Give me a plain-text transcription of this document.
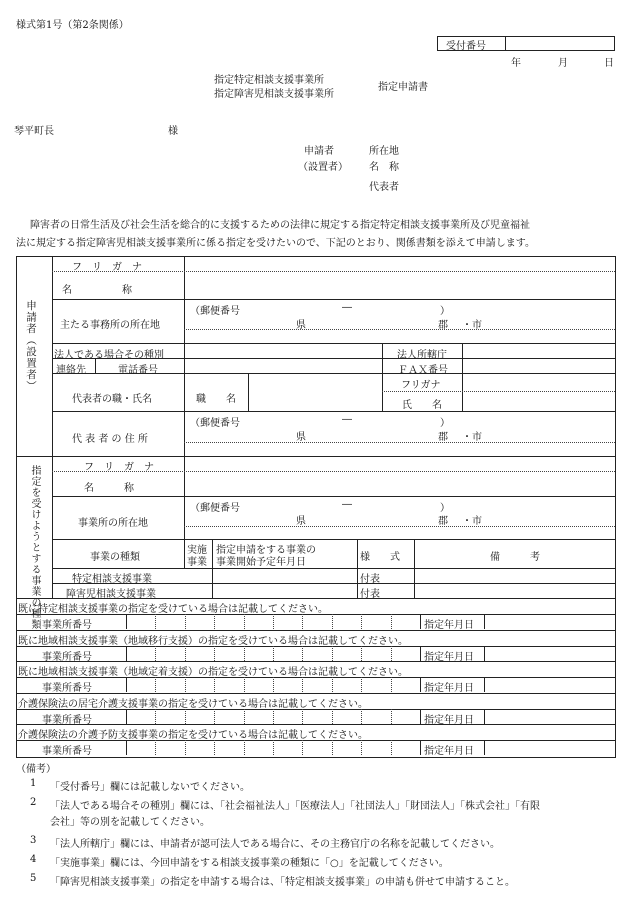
様式第1号（第2条関係）
受付番号
年	月	日
指定特定相談支援事業所
指定障害児相談支援事業所
指定申請書
琴平町長	様
申請者
（設置者）
所在地
名　称
代表者
障害者の日常生活及び社会生活を総合的に支援するための法律に規定する指定特定相談支援事業所及び児童福祉
法に規定する指定障害児相談支援事業所に係る指定を受けたいので、下記のとおり、関係書類を添えて申請します。
申請者（設置者）
フ　リ　ガ　ナ
名　　　　　称
主たる事務所の所在地
（郵便番号	―	）
県	郡 ・市
法人である場合その種別	法人所轄庁
連絡先	電話番号	ＦＡＸ番号
代表者の職・氏名	職　　名
フリガナ
氏　　名
代 表 者 の 住 所
（郵便番号	―	）
県	郡 ・市
指定を受けようとする事業の種類	フ　リ　ガ　ナ
名　　　称
事業所の所在地
（郵便番号	―	）
県	郡 ・市
事業の種類
実施
事業
指定申請をする事業の
事業開始予定年月日	様　　式	備　　　考
特定相談支援事業	付表
障害児相談支援事業	付表
既に特定相談支援事業の指定を受けている場合は記載してください。
事業所番号	指定年月日
既に地域相談支援事業（地域移行支援）の指定を受けている場合は記載してください。
事業所番号	指定年月日
既に地域相談支援事業（地域定着支援）の指定を受けている場合は記載してください。
事業所番号	指定年月日
介護保険法の居宅介護支援事業の指定を受けている場合は記載してください。
事業所番号	指定年月日
介護保険法の介護予防支援事業の指定を受けている場合は記載してください。
事業所番号	指定年月日
（備考）
1 「受付番号」欄には記載しないでください。
2 「法人である場合その種別」欄には、「社会福祉法人」「医療法人」「社団法人」「財団法人」「株式会社」「有限
会社」等の別を記載してください。
3 「法人所轄庁」欄には、申請者が認可法人である場合に、その主務官庁の名称を記載してください。
4 「実施事業」欄には、今回申請をする相談支援事業の種類に「○」を記載してください。
5 「障害児相談支援事業」の指定を申請する場合は、「特定相談支援事業」の申請も併せて申請すること。
